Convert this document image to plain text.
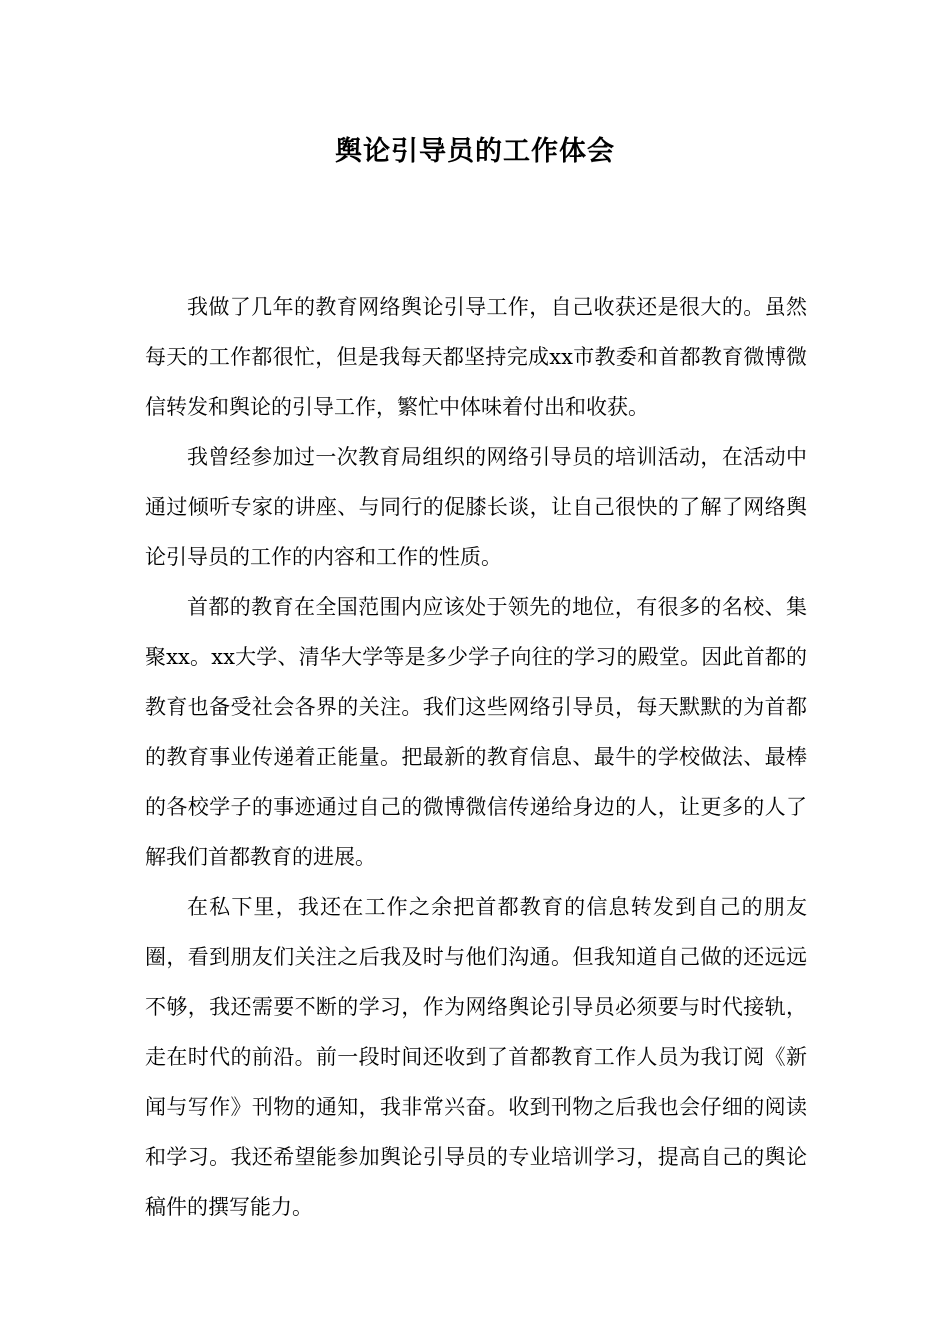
舆论引导员的工作体会

我做了几年的教育网络舆论引导工作，自己收获还是很大的。虽然每天的工作都很忙，但是我每天都坚持完成xx市教委和首都教育微博微信转发和舆论的引导工作，繁忙中体味着付出和收获。

我曾经参加过一次教育局组织的网络引导员的培训活动，在活动中通过倾听专家的讲座、与同行的促膝长谈，让自己很快的了解了网络舆论引导员的工作的内容和工作的性质。

首都的教育在全国范围内应该处于领先的地位，有很多的名校、集聚xx。xx大学、清华大学等是多少学子向往的学习的殿堂。因此首都的教育也备受社会各界的关注。我们这些网络引导员，每天默默的为首都的教育事业传递着正能量。把最新的教育信息、最牛的学校做法、最棒的各校学子的事迹通过自己的微博微信传递给身边的人，让更多的人了解我们首都教育的进展。

在私下里，我还在工作之余把首都教育的信息转发到自己的朋友圈，看到朋友们关注之后我及时与他们沟通。但我知道自己做的还远远不够，我还需要不断的学习，作为网络舆论引导员必须要与时代接轨，走在时代的前沿。前一段时间还收到了首都教育工作人员为我订阅《新闻与写作》刊物的通知，我非常兴奋。收到刊物之后我也会仔细的阅读和学习。我还希望能参加舆论引导员的专业培训学习，提高自己的舆论稿件的撰写能力。
